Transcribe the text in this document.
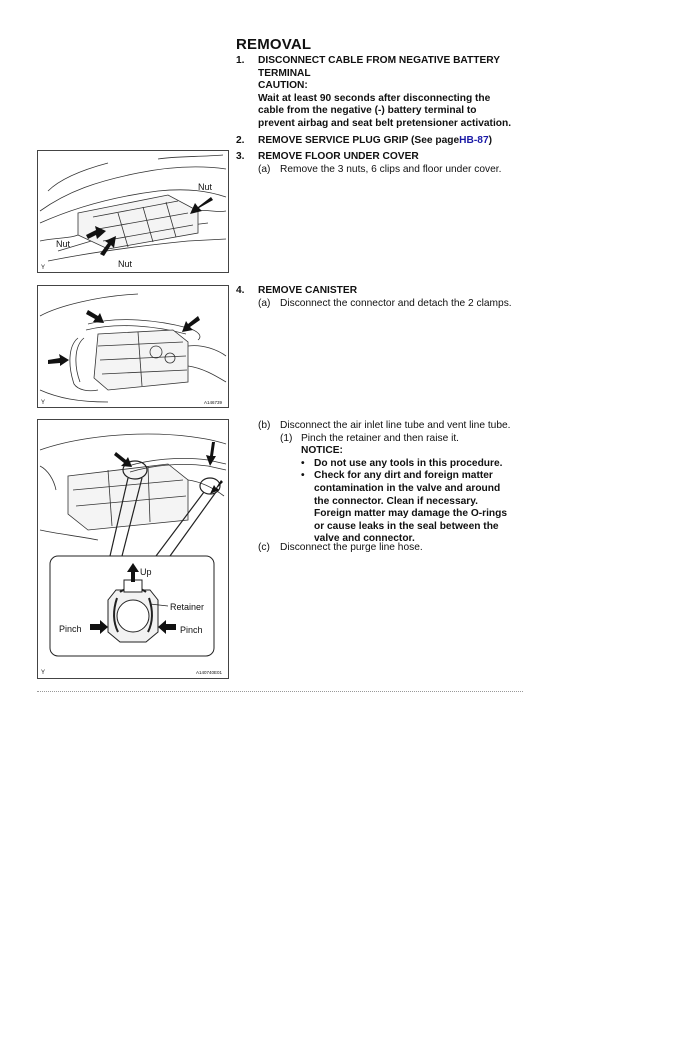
REMOVAL
1. DISCONNECT CABLE FROM NEGATIVE BATTERY
TERMINAL
CAUTION:
Wait at least 90 seconds after disconnecting the
cable from the negative (-) battery terminal to
prevent airbag and seat belt pretensioner activation.
2. REMOVE SERVICE PLUG GRIP (See pageHB-87)
3. REMOVE FLOOR UNDER COVER
(a) Remove the 3 nuts, 6 clips and floor under cover.
4. REMOVE CANISTER
(a) Disconnect the connector and detach the 2 clamps.
(b) Disconnect the air inlet line tube and vent line tube.
(1) Pinch the retainer and then raise it.
NOTICE:
• Do not use any tools in this procedure.
• Check for any dirt and foreign matter
contamination in the valve and around
the connector. Clean if necessary.
Foreign matter may damage the O-rings
or cause leaks in the seal between the
valve and connector.
(c) Disconnect the purge line hose.
Nut
Nut
Nut
Y
Y	A146739
Up
Retainer
Pinch	Pinch
Y	A140740E01
